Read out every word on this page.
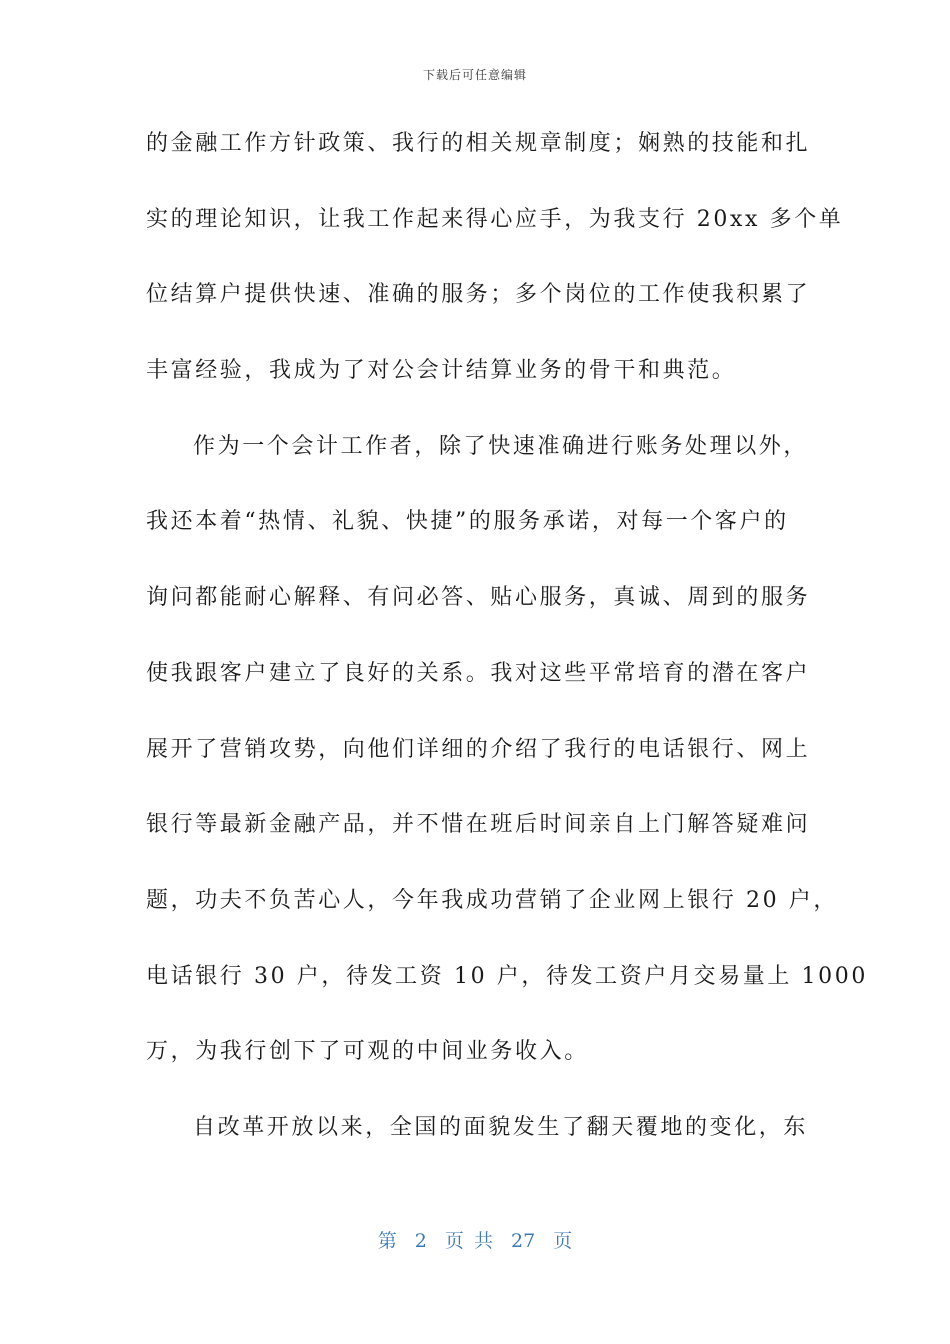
下载后可任意编辑
的金融工作方针政策、我行的相关规章制度；娴熟的技能和扎
实的理论知识，让我工作起来得心应手，为我支行 20xx 多个单
位结算户提供快速、准确的服务；多个岗位的工作使我积累了
丰富经验，我成为了对公会计结算业务的骨干和典范。
作为一个会计工作者，除了快速准确进行账务处理以外，
我还本着“热情、礼貌、快捷”的服务承诺，对每一个客户的
询问都能耐心解释、有问必答、贴心服务，真诚、周到的服务
使我跟客户建立了良好的关系。我对这些平常培育的潜在客户
展开了营销攻势，向他们详细的介绍了我行的电话银行、网上
银行等最新金融产品，并不惜在班后时间亲自上门解答疑难问
题，功夫不负苦心人，今年我成功营销了企业网上银行 20 户，
电话银行 30 户，待发工资 10 户，待发工资户月交易量上 1000
万，为我行创下了可观的中间业务收入。
自改革开放以来，全国的面貌发生了翻天覆地的变化，东
第 2 页 共 27 页
